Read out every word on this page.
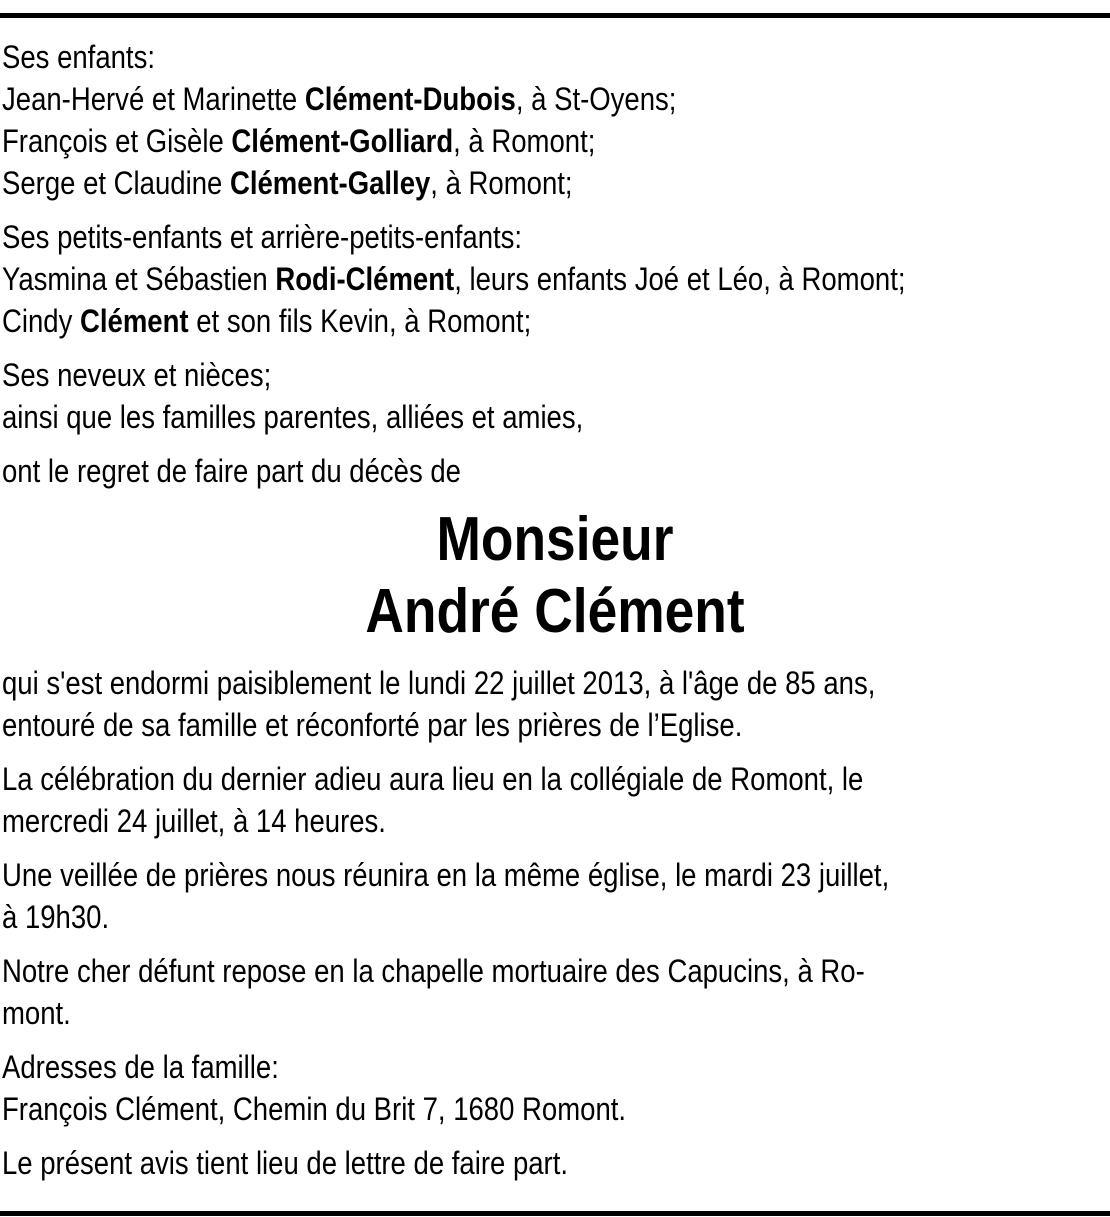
Ses enfants:
Jean-Hervé et Marinette Clément-Dubois, à St-Oyens;
François et Gisèle Clément-Golliard, à Romont;
Serge et Claudine Clément-Galley, à Romont;
Ses petits-enfants et arrière-petits-enfants:
Yasmina et Sébastien Rodi-Clément, leurs enfants Joé et Léo, à Romont;
Cindy Clément et son fils Kevin, à Romont;
Ses neveux et nièces;
ainsi que les familles parentes, alliées et amies,
ont le regret de faire part du décès de
Monsieur
André Clément
qui s'est endormi paisiblement le lundi 22 juillet 2013, à l'âge de 85 ans,
entouré de sa famille et réconforté par les prières de l’Eglise.
La célébration du dernier adieu aura lieu en la collégiale de Romont, le
mercredi 24 juillet, à 14 heures.
Une veillée de prières nous réunira en la même église, le mardi 23 juillet,
à 19h30.
Notre cher défunt repose en la chapelle mortuaire des Capucins, à Ro-
mont.
Adresses de la famille:
François Clément, Chemin du Brit 7, 1680 Romont.
Le présent avis tient lieu de lettre de faire part.
